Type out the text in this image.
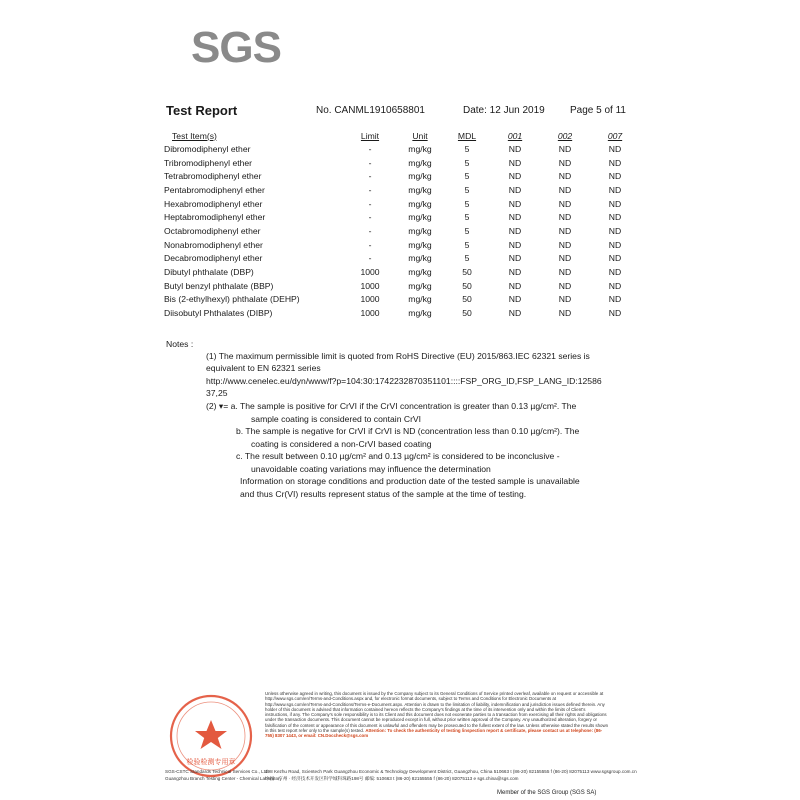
SGS
Test Report	No. CANML1910658801	Date: 12 Jun 2019	Page 5 of 11
Test Item(s)	Limit	Unit	MDL	001	002	007
Dibromodiphenyl ether	-	mg/kg	5	ND	ND	ND
Tribromodiphenyl ether	-	mg/kg	5	ND	ND	ND
Tetrabromodiphenyl ether	-	mg/kg	5	ND	ND	ND
Pentabromodiphenyl ether	-	mg/kg	5	ND	ND	ND
Hexabromodiphenyl ether	-	mg/kg	5	ND	ND	ND
Heptabromodiphenyl ether	-	mg/kg	5	ND	ND	ND
Octabromodiphenyl ether	-	mg/kg	5	ND	ND	ND
Nonabromodiphenyl ether	-	mg/kg	5	ND	ND	ND
Decabromodiphenyl ether	-	mg/kg	5	ND	ND	ND
Dibutyl phthalate (DBP)	1000	mg/kg	50	ND	ND	ND
Butyl benzyl phthalate (BBP)	1000	mg/kg	50	ND	ND	ND
Bis (2-ethylhexyl) phthalate (DEHP)	1000	mg/kg	50	ND	ND	ND
Diisobutyl Phthalates (DIBP)	1000	mg/kg	50	ND	ND	ND
Notes :
(1) The maximum permissible limit is quoted from RoHS Directive (EU) 2015/863.IEC 62321 series is
equivalent to EN 62321 series
http://www.cenelec.eu/dyn/www/f?p=104:30:1742232870351101::::FSP_ORG_ID,FSP_LANG_ID:12586
37,25
(2) ▾= a. The sample is positive for CrVI if the CrVI concentration is greater than 0.13 µg/cm². The
sample coating is considered to contain CrVI
b. The sample is negative for CrVI if CrVI is ND (concentration less than 0.10 µg/cm²). The
coating is considered a non-CrVI based coating
c. The result between 0.10 µg/cm² and 0.13 µg/cm² is considered to be inconclusive -
unavoidable coating variations may influence the determination
Information on storage conditions and production date of the tested sample is unavailable
and thus Cr(VI) results represent status of the sample at the time of testing.
检验检测专用章
Unless otherwise agreed in writing, this document is issued by the Company subject to its General Conditions of Service printed overleaf, available on request or accessible at http://www.sgs.com/en/Terms-and-Conditions.aspx and, for electronic format documents, subject to Terms and Conditions for Electronic Documents at http://www.sgs.com/en/Terms-and-Conditions/Terms-e-Document.aspx. Attention is drawn to the limitation of liability, indemnification and jurisdiction issues defined therein. Any holder of this document is advised that information contained hereon reflects the Company's findings at the time of its intervention only and within the limits of Client's instructions, if any. The Company's sole responsibility is to its Client and this document does not exonerate parties to a transaction from exercising all their rights and obligations under the transaction documents. This document cannot be reproduced except in full, without prior written approval of the Company. Any unauthorized alteration, forgery or falsification of the content or appearance of this document is unlawful and offenders may be prosecuted to the fullest extent of the law. Unless otherwise stated the results shown in this test report refer only to the sample(s) tested. Attention: To check the authenticity of testing /inspection report & certificate, please contact us at telephone: (86-755) 8307 1443, or email: CN.Doccheck@sgs.com
SGS-CSTC Standards Technical Services Co., Ltd.
Guangzhou Branch Testing Center - Chemical Laboratory
198 Kezhu Road, Scientech Park Guangzhou Economic & Technology Development District, Guangzhou, China 510663 t (86-20) 82155555 f (86-20) 82075113 www.sgsgroup.com.cn
中国 · 广州 · 经济技术开发区科学城科珠路198号 邮编: 510663 t (86-20) 82155555 f (86-20) 82075113 e sgs.china@sgs.com
Member of the SGS Group (SGS SA)
